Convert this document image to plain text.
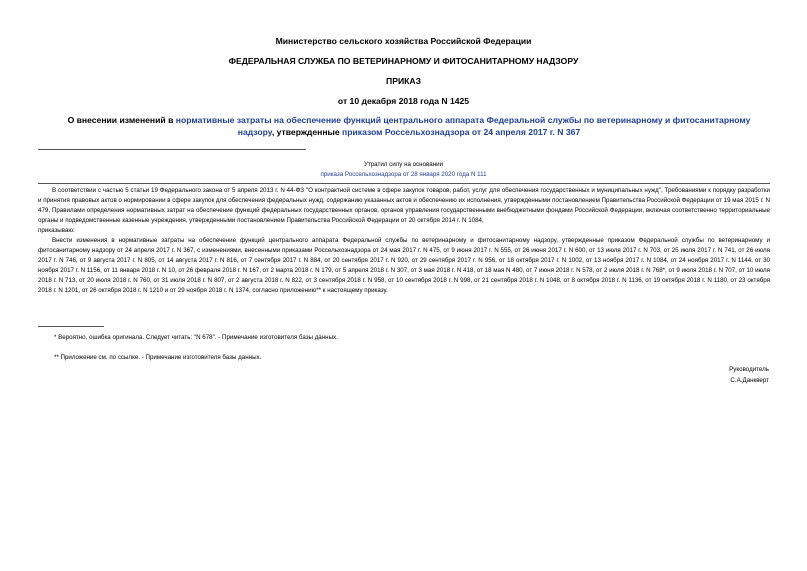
Министерство сельского хозяйства Российской Федерации
ФЕДЕРАЛЬНАЯ СЛУЖБА ПО ВЕТЕРИНАРНОМУ И ФИТОСАНИТАРНОМУ НАДЗОРУ
ПРИКАЗ
от 10 декабря 2018 года N 1425
О внесении изменений в нормативные затраты на обеспечение функций центрального аппарата Федеральной службы по ветеринарному и фитосанитарному надзору, утвержденные приказом Россельхознадзора от 24 апреля 2017 г. N 367
Утратил силу на основании
приказа Россельхознадзора от 28 января 2020 года N 111

В соответствии с частью 5 статьи 19 Федерального закона от 5 апреля 2013 г. N 44-ФЗ "О контрактной системе в сфере закупок товаров, работ, услуг для обеспечения государственных и муниципальных нужд", Требованиями к порядку разработки и принятия правовых актов о нормировании в сфере закупок для обеспечения федеральных нужд, содержанию указанных актов и обеспечению их исполнения, утвержденными постановлением Правительства Российской Федерации от 19 мая 2015 г. N 479, Правилами определения нормативных затрат на обеспечение функций федеральных государственных органов, органов управления государственными внебюджетными фондами Российской Федерации, включая соответственно территориальные органы и подведомственные казенные учреждения, утвержденными постановлением Правительства Российской Федерации от 20 октября 2014 г. N 1084,

приказываю:

Внести изменения в нормативные затраты на обеспечение функций центрального аппарата Федеральной службы по ветеринарному и фитосанитарному надзору, утвержденные приказом Федеральной службы по ветеринарному и фитосанитарному надзору от 24 апреля 2017 г. N 367, с изменениями, внесенными приказами Россельхознадзора от 24 мая 2017 г. N 475, от 9 июня 2017 г. N 555, от 26 июня 2017 г. N 600, от 13 июля 2017 г. N 703, от 25 июля 2017 г. N 741, от 26 июля 2017 г. N 746, от 9 августа 2017 г. N 805, от 14 августа 2017 г. N 816, от 7 сентября 2017 г. N 884, от 20 сентября 2017 г. N 920, от 29 сентября 2017 г. N 956, от 18 октября 2017 г. N 1002, от 13 ноября 2017 г. N 1084, от 24 ноября 2017 г. N 1144, от 30 ноября 2017 г. N 1156, от 11 января 2018 г. N 10, от 26 февраля 2018 г. N 167, от 2 марта 2018 г. N 179, от 5 апреля 2018 г. N 307, от 3 мая 2018 г. N 418, от 18 мая N 480, от 7 июня 2018 г. N 578, от 2 июля 2018 г. N 768*, от 9 июля 2018 г. N 707, от 10 июля 2018 г. N 713, от 20 июля 2018 г. N 760, от 31 июля 2018 г. N 807, от 2 августа 2018 г. N 822, от 3 сентября 2018 г. N 958, от 10 сентября 2018 г. N 998, от 21 сентября 2018 г. N 1048, от 8 октября 2018 г. N 1136, от 19 октября 2018 г. N 1180, от 23 октября 2018 г. N 1201, от 26 октября 2018 г. N 1210 и от 29 ноября 2018 г. N 1374, согласно приложению** к настоящему приказу.

* Вероятно, ошибка оригинала. Следует читать: "N 678". - Примечание изготовителя базы данных.
** Приложение см. по ссылке. - Примечание изготовителя базы данных.
Руководитель
С.А.Данкверт
